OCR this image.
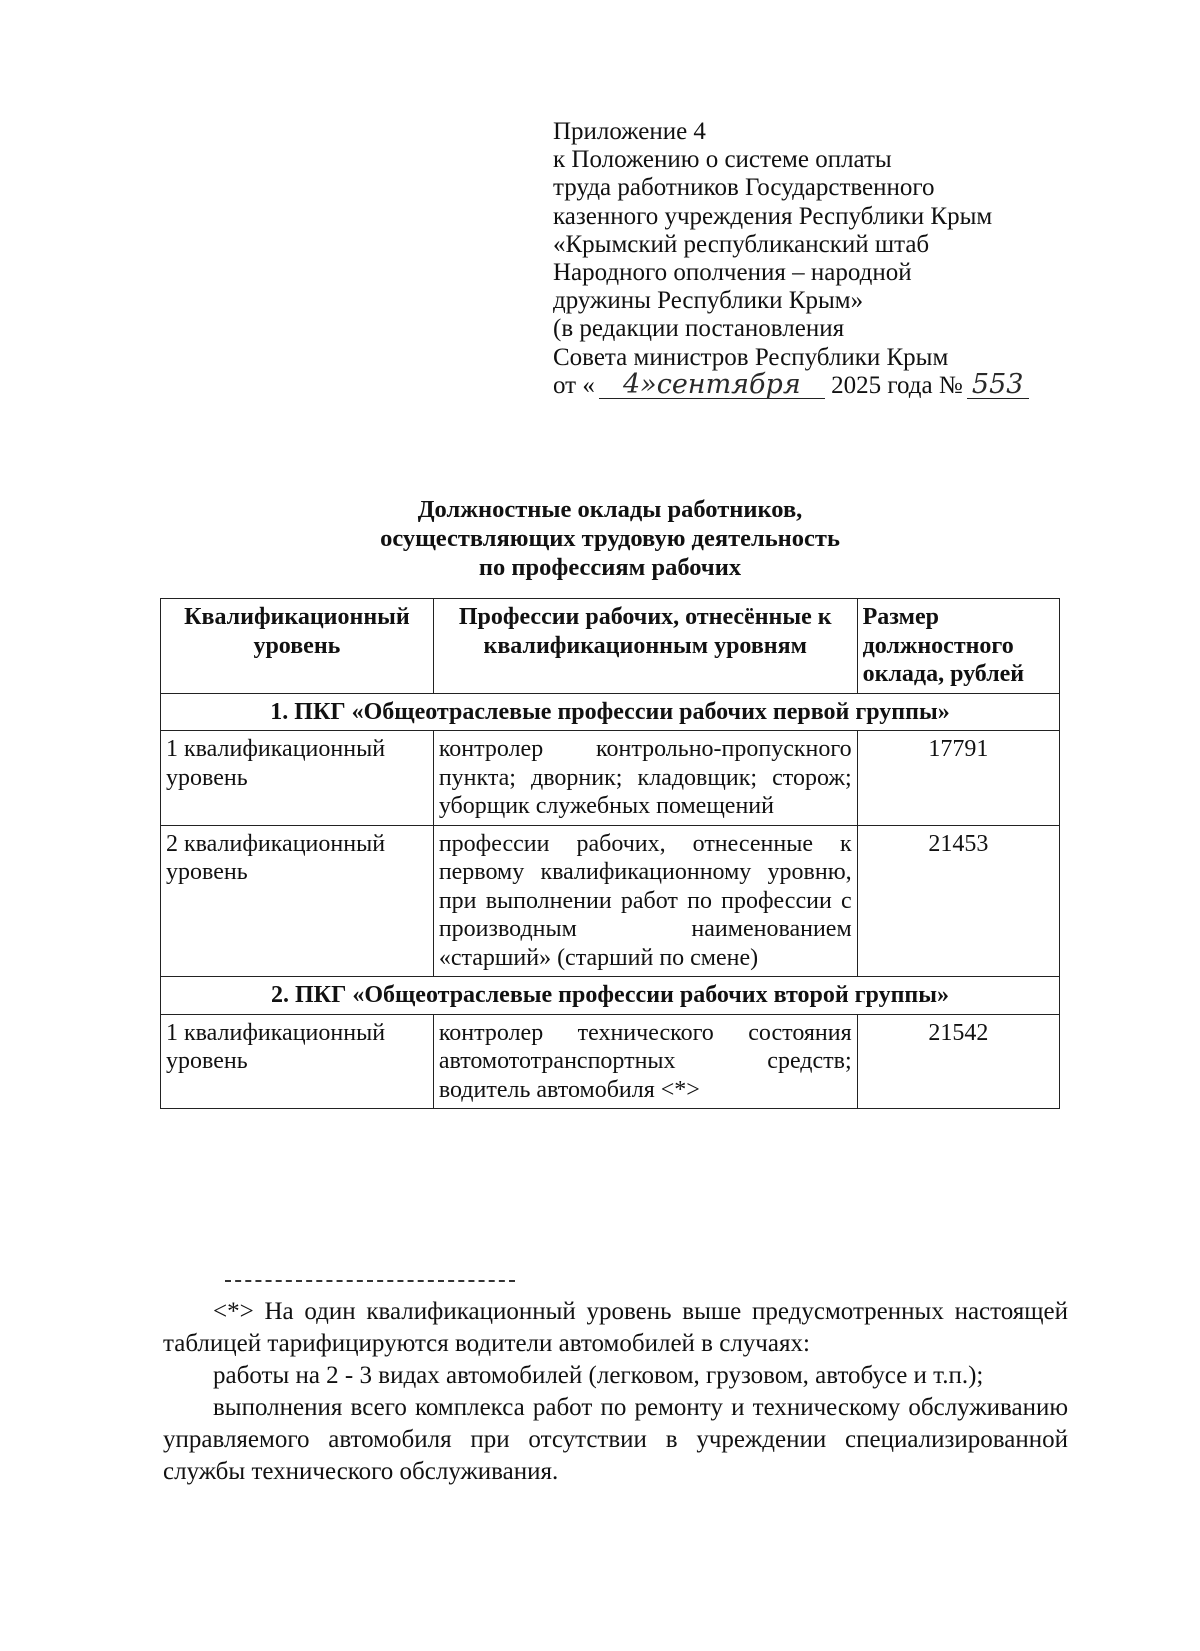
Приложение 4
к Положению о системе оплаты
труда работников Государственного
казенного учреждения Республики Крым
«Крымский республиканский штаб
Народного ополчения – народной
дружины Республики Крым»
(в редакции постановления
Совета министров Республики Крым
от « 4»сентября 2025 года № 553
Должностные оклады работников,
осуществляющих трудовую деятельность
по профессиям рабочих
Квалификационный уровень	Профессии рабочих, отнесённые к квалификационным уровням	Размер должностного оклада, рублей
1. ПКГ «Общеотраслевые профессии рабочих первой группы»		
1 квалификационный уровень	контролер контрольно-пропускного пункта; дворник; кладовщик; сторож; уборщик служебных помещений	17791
2 квалификационный уровень	профессии рабочих, отнесенные к первому квалификационному уровню, при выполнении работ по профессии с производным наименованием «старший» (старший по смене)	21453
2. ПКГ «Общеотраслевые профессии рабочих второй группы»		
1 квалификационный уровень	контролер технического состояния автомототранспортных средств; водитель автомобиля <*>	21542

<*> На один квалификационный уровень выше предусмотренных настоящей таблицей тарифицируются водители автомобилей в случаях:

работы на 2 - 3 видах автомобилей (легковом, грузовом, автобусе и т.п.);

выполнения всего комплекса работ по ремонту и техническому обслуживанию управляемого автомобиля при отсутствии в учреждении специализированной службы технического обслуживания.
